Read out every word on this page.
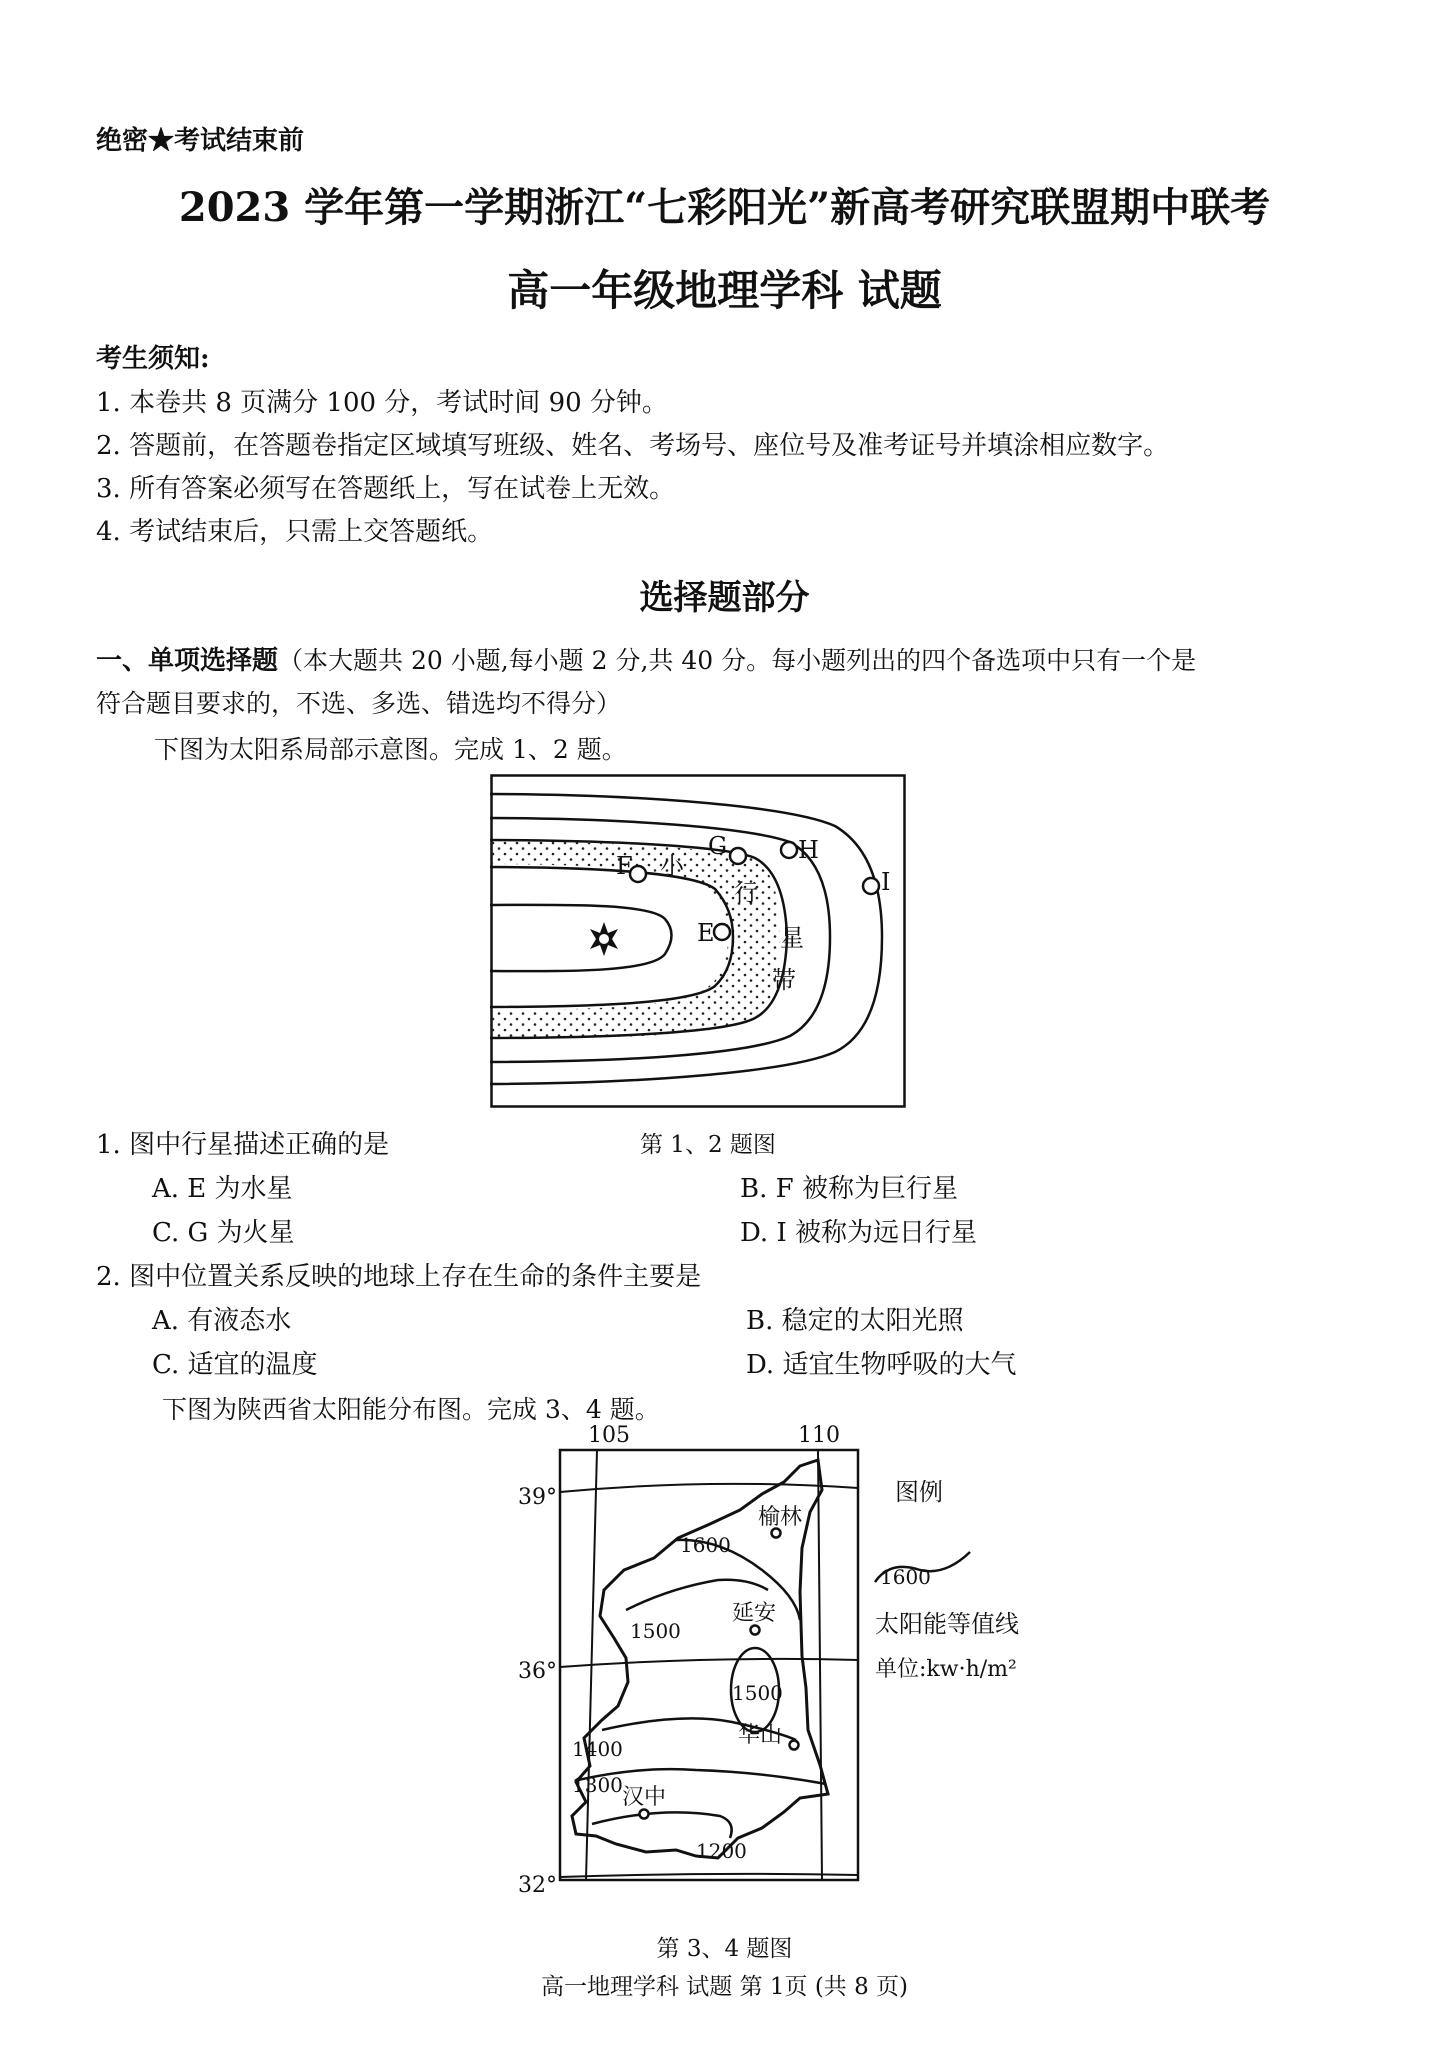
绝密★考试结束前
2023 学年第一学期浙江“七彩阳光”新高考研究联盟期中联考
高一年级地理学科 试题
考生须知:
1. 本卷共 8 页满分 100 分，考试时间 90 分钟。
2. 答题前，在答题卷指定区域填写班级、姓名、考场号、座位号及准考证号并填涂相应数字。
3. 所有答案必须写在答题纸上，写在试卷上无效。
4. 考试结束后，只需上交答题纸。
选择题部分
一、单项选择题（本大题共 20 小题,每小题 2 分,共 40 分。每小题列出的四个备选项中只有一个是
符合题目要求的，不选、多选、错选均不得分）
下图为太阳系局部示意图。完成 1、2 题。
E
F
G	H
I
小
行
星
带
1. 图中行星描述正确的是	第 1、2 题图
A. E 为水星	B. F 被称为巨行星
C. G 为火星	D. I 被称为远日行星
2. 图中位置关系反映的地球上存在生命的条件主要是
A. 有液态水	B. 稳定的太阳光照
C. 适宜的温度	D. 适宜生物呼吸的大气
下图为陕西省太阳能分布图。完成 3、4 题。
105	110
39°
36°
32°
榆林
延安
华山
汉中
1600
1500
1500
1400
1300
1200
图例
1600
太阳能等值线
单位:kw·h/m²
第 3、4 题图
高一地理学科 试题 第 1页 (共 8 页)
